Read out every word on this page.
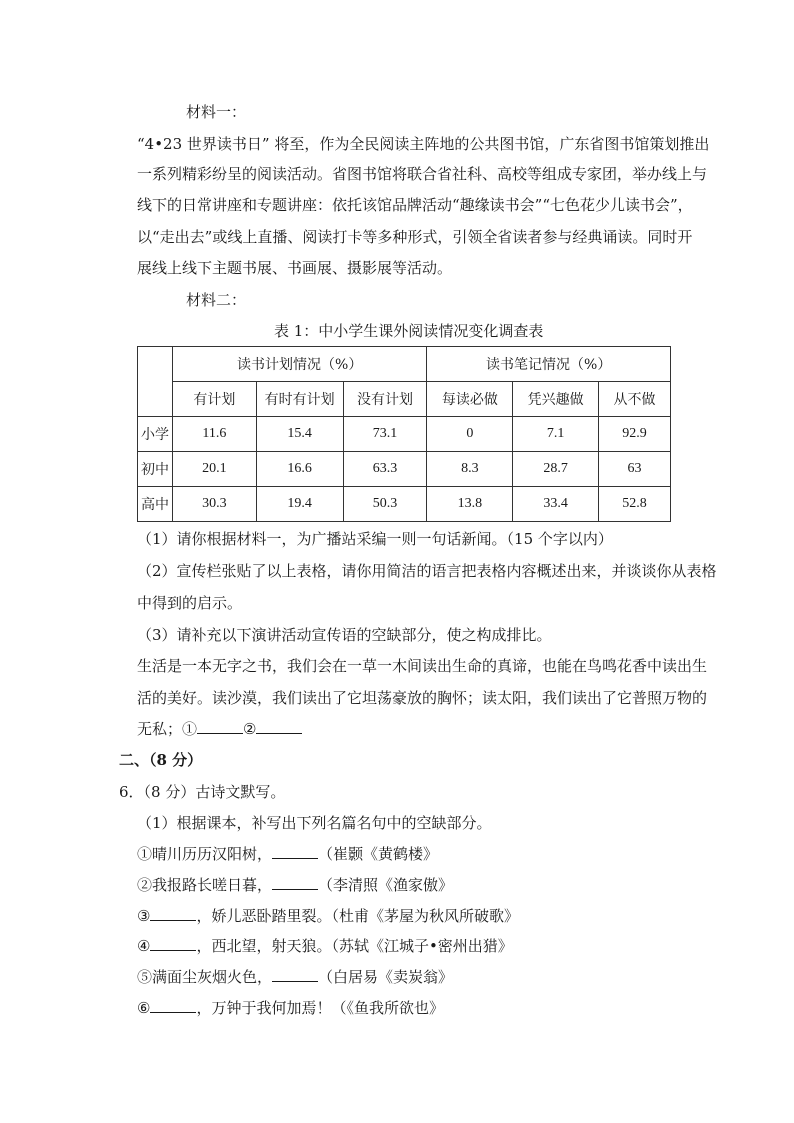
材料一：
“4•23 世界读书日” 将至，作为全民阅读主阵地的公共图书馆，广东省图书馆策划推出
一系列精彩纷呈的阅读活动。省图书馆将联合省社科、高校等组成专家团，举办线上与
线下的日常讲座和专题讲座：依托该馆品牌活动“趣缘读书会”“七色花少儿读书会”，
以“走出去”或线上直播、阅读打卡等多种形式，引领全省读者参与经典诵读。同时开
展线上线下主题书展、书画展、摄影展等活动。
材料二：
表 1：中小学生课外阅读情况变化调查表
	读书计划情况（%）			读书笔记情况（%）		
	有计划	有时有计划	没有计划	每读必做	凭兴趣做	从不做
小学	11.6	15.4	73.1	0	7.1	92.9
初中	20.1	16.6	63.3	8.3	28.7	63
高中	30.3	19.4	50.3	13.8	33.4	52.8
（1）请你根据材料一，为广播站采编一则一句话新闻。（15 个字以内）
（2）宣传栏张贴了以上表格，请你用简洁的语言把表格内容概述出来，并谈谈你从表格
中得到的启示。
（3）请补充以下演讲活动宣传语的空缺部分，使之构成排比。
生活是一本无字之书，我们会在一草一木间读出生命的真谛，也能在鸟鸣花香中读出生
活的美好。读沙漠，我们读出了它坦荡豪放的胸怀；读太阳，我们读出了它普照万物的
无私；①	②
二、（8 分）
6．（8 分）古诗文默写。
（1）根据课本，补写出下列名篇名句中的空缺部分。
①晴川历历汉阳树，	（崔颢《黄鹤楼》
②我报路长嗟日暮，	（李清照《渔家傲》
③	，娇儿恶卧踏里裂。（杜甫《茅屋为秋风所破歌》
④	，西北望，射天狼。（苏轼《江城子•密州出猎》
⑤满面尘灰烟火色，	（白居易《卖炭翁》
⑥	，万钟于我何加焉！（《鱼我所欲也》
